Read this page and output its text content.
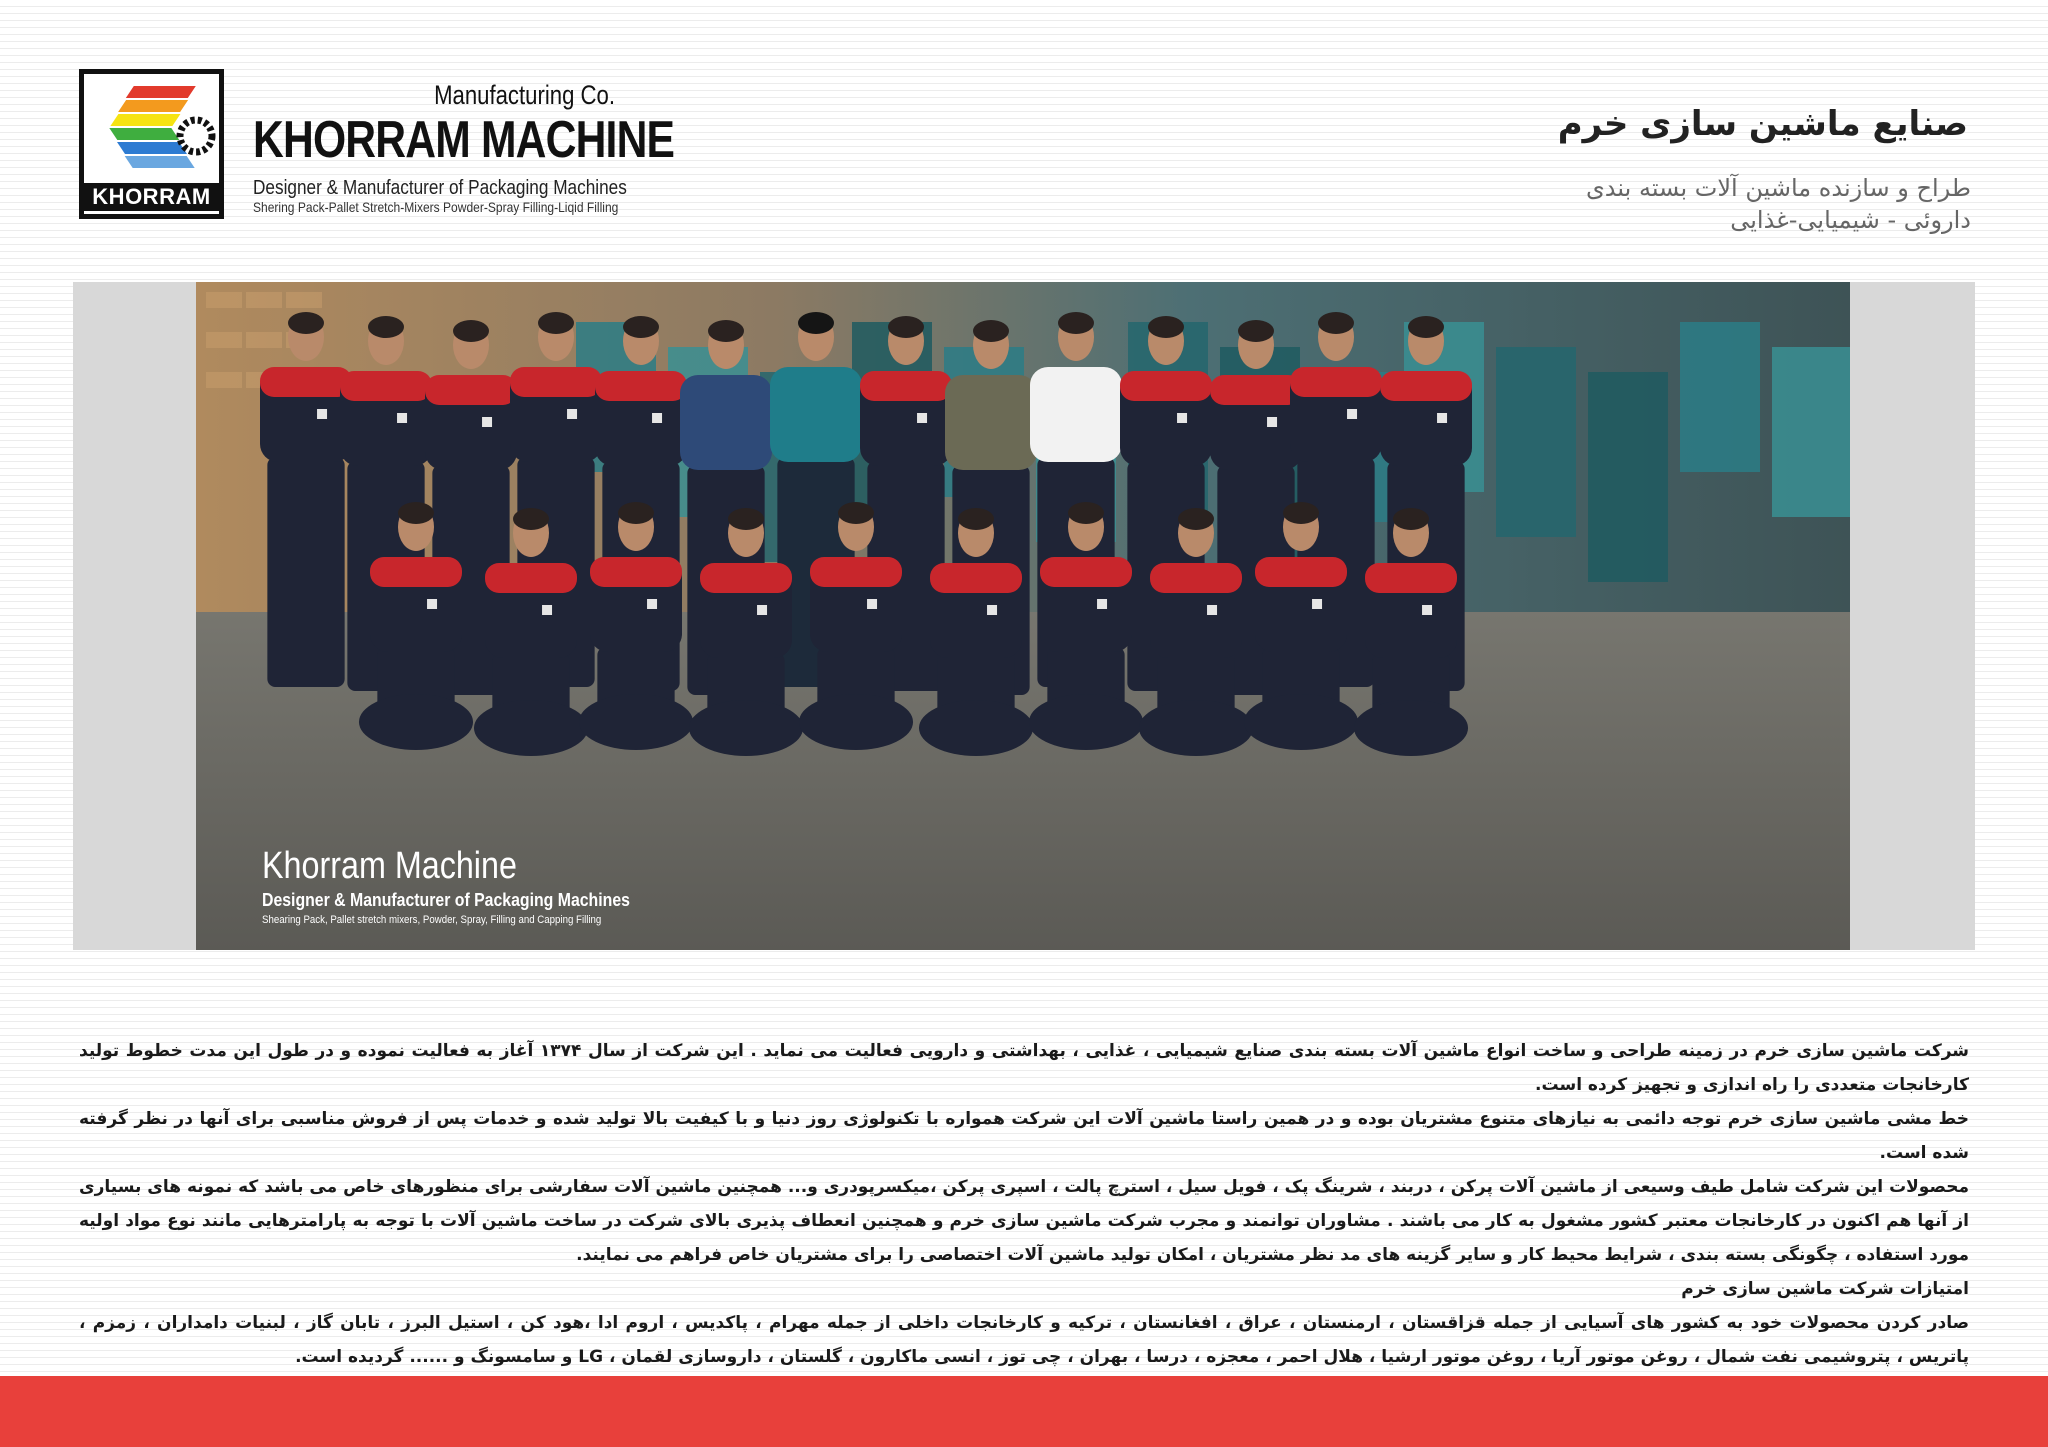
KHORRAM
Manufacturing Co.
KHORRAM MACHINE
Designer & Manufacturer of Packaging Machines
Shering Pack-Pallet Stretch-Mixers Powder-Spray Filling-Liqid Filling
صنایع ماشین سازی خرم
طراح و سازنده ماشین آلات بسته بندی
داروئی - شیمیایی-غذایی
Khorram Machine
Designer & Manufacturer of Packaging Machines
Shearing Pack, Pallet stretch mixers, Powder, Spray, Filling and Capping Filling

شرکت ماشین سازی خرم در زمینه طراحی و ساخت انواع ماشین آلات بسته بندی صنایع شیمیایی ، غذایی ، بهداشتی و دارویی فعالیت می نماید . این شرکت از سال ۱۳۷۴ آغاز به فعالیت نموده و در طول این مدت خطوط تولید کارخانجات متعددی را راه اندازی و تجهیز کرده است.

خط مشی ماشین سازی خرم توجه دائمی به نیازهای متنوع مشتریان بوده و در همین راستا ماشین آلات این شرکت همواره با تکنولوژی روز دنیا و با کیفیت بالا تولید شده و خدمات پس از فروش مناسبی برای آنها در نظر گرفته شده است.

محصولات این شرکت شامل طیف وسیعی از ماشین آلات پرکن ، دربند ، شرینگ پک ، فویل سیل ، استرچ پالت ، اسپری پرکن ،میکسرپودری و... همچنین ماشین آلات سفارشی برای منظورهای خاص می باشد که نمونه های بسیاری از آنها هم اکنون در کارخانجات معتبر کشور مشغول به کار می باشند . مشاوران توانمند و مجرب شرکت ماشین سازی خرم و همچنین انعطاف پذیری بالای شرکت در ساخت ماشین آلات با توجه به پارامترهایی مانند نوع مواد اولیه مورد استفاده ، چگونگی بسته بندی ، شرایط محیط کار و سایر گزینه های مد نظر مشتریان ، امکان تولید ماشین آلات اختصاصی را برای مشتریان خاص فراهم می نمایند.

امتیازات شرکت ماشین سازی خرم

صادر کردن محصولات خود به کشور های آسیایی از جمله قزاقستان ، ارمنستان ، عراق ، افغانستان ، ترکیه و کارخانجات داخلی از جمله مهرام ، پاکدیس ، اروم ادا ،هود کن ، استیل البرز ، تابان گاز ، لبنیات دامداران ، زمزم ، پاتریس ، پتروشیمی نفت شمال ، روغن موتور آریا ، روغن موتور ارشیا ، هلال احمر ، معجزه ، درسا ، بهران ، چی توز ، انسی ماکارون ، گلستان ، داروسازی لقمان ، LG و سامسونگ و ...... گردیده است.
